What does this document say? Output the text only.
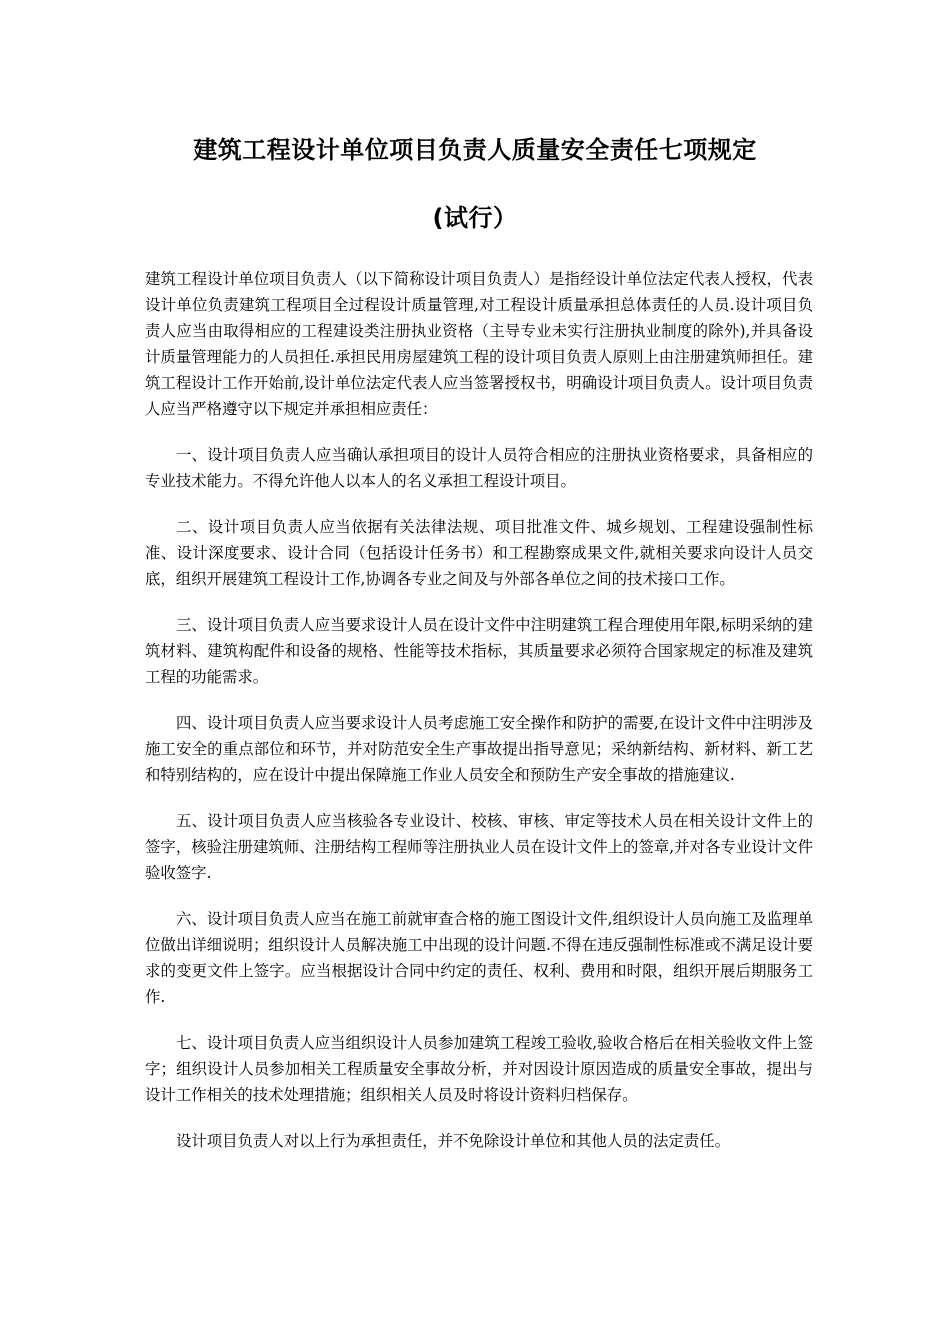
建筑工程设计单位项目负责人质量安全责任七项规定
(试行）

建筑工程设计单位项目负责人（以下简称设计项目负责人）是指经设计单位法定代表人授权，代表设计单位负责建筑工程项目全过程设计质量管理,对工程设计质量承担总体责任的人员.设计项目负责人应当由取得相应的工程建设类注册执业资格（主导专业未实行注册执业制度的除外),并具备设计质量管理能力的人员担任.承担民用房屋建筑工程的设计项目负责人原则上由注册建筑师担任。建筑工程设计工作开始前,设计单位法定代表人应当签署授权书，明确设计项目负责人。设计项目负责人应当严格遵守以下规定并承担相应责任：

一、设计项目负责人应当确认承担项目的设计人员符合相应的注册执业资格要求，具备相应的专业技术能力。不得允许他人以本人的名义承担工程设计项目。

二、设计项目负责人应当依据有关法律法规、项目批准文件、城乡规划、工程建设强制性标准、设计深度要求、设计合同（包括设计任务书）和工程勘察成果文件,就相关要求向设计人员交底，组织开展建筑工程设计工作,协调各专业之间及与外部各单位之间的技术接口工作。

三、设计项目负责人应当要求设计人员在设计文件中注明建筑工程合理使用年限,标明采纳的建筑材料、建筑构配件和设备的规格、性能等技术指标，其质量要求必须符合国家规定的标准及建筑工程的功能需求。

四、设计项目负责人应当要求设计人员考虑施工安全操作和防护的需要,在设计文件中注明涉及施工安全的重点部位和环节，并对防范安全生产事故提出指导意见；采纳新结构、新材料、新工艺和特别结构的，应在设计中提出保障施工作业人员安全和预防生产安全事故的措施建议.

五、设计项目负责人应当核验各专业设计、校核、审核、审定等技术人员在相关设计文件上的签字，核验注册建筑师、注册结构工程师等注册执业人员在设计文件上的签章,并对各专业设计文件验收签字.

六、设计项目负责人应当在施工前就审查合格的施工图设计文件,组织设计人员向施工及监理单位做出详细说明；组织设计人员解决施工中出现的设计问题.不得在违反强制性标准或不满足设计要求的变更文件上签字。应当根据设计合同中约定的责任、权利、费用和时限，组织开展后期服务工作.

七、设计项目负责人应当组织设计人员参加建筑工程竣工验收,验收合格后在相关验收文件上签字；组织设计人员参加相关工程质量安全事故分析，并对因设计原因造成的质量安全事故，提出与设计工作相关的技术处理措施；组织相关人员及时将设计资料归档保存。

设计项目负责人对以上行为承担责任，并不免除设计单位和其他人员的法定责任。
